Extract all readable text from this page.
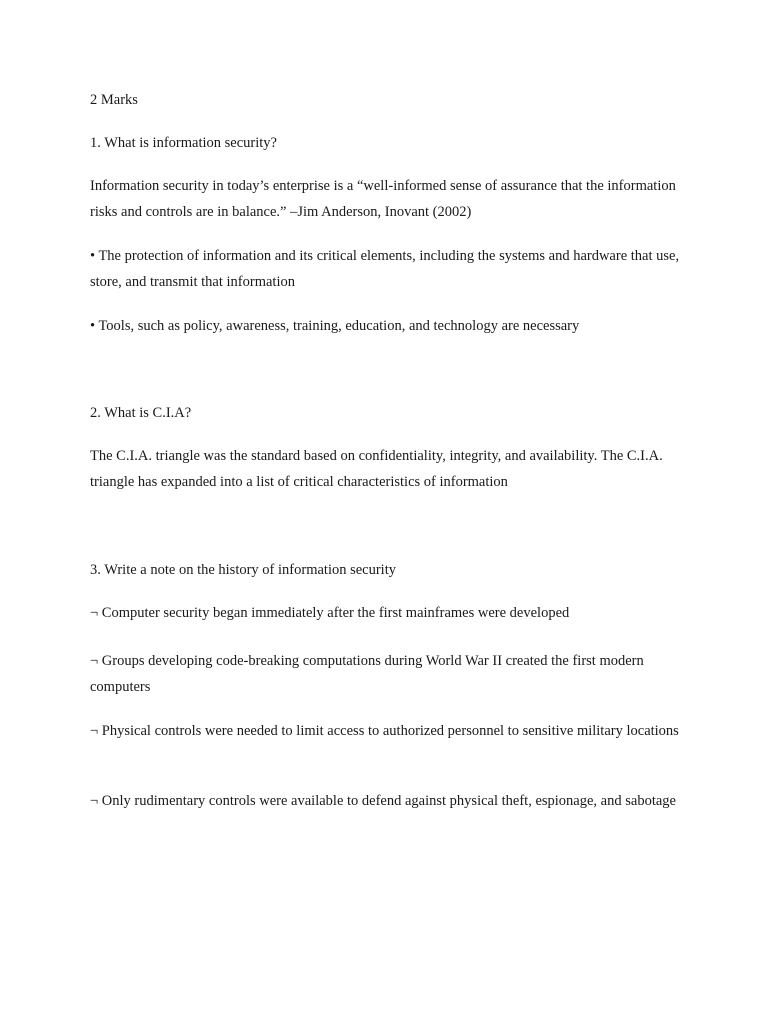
2 Marks

1. What is information security?

Information security in today’s enterprise is a “well-informed sense of assurance that the information risks and controls are in balance.” –Jim Anderson, Inovant (2002)

• The protection of information and its critical elements, including the systems and hardware that use, store, and transmit that information

• Tools, such as policy, awareness, training, education, and technology are necessary

2. What is C.I.A?

The C.I.A. triangle was the standard based on confidentiality, integrity, and availability. The C.I.A. triangle has expanded into a list of critical characteristics of information

3. Write a note on the history of information security

¬ Computer security began immediately after the first mainframes were developed

¬ Groups developing code-breaking computations during World War II created the first modern computers

¬ Physical controls were needed to limit access to authorized personnel to sensitive military locations

¬ Only rudimentary controls were available to defend against physical theft, espionage, and sabotage
